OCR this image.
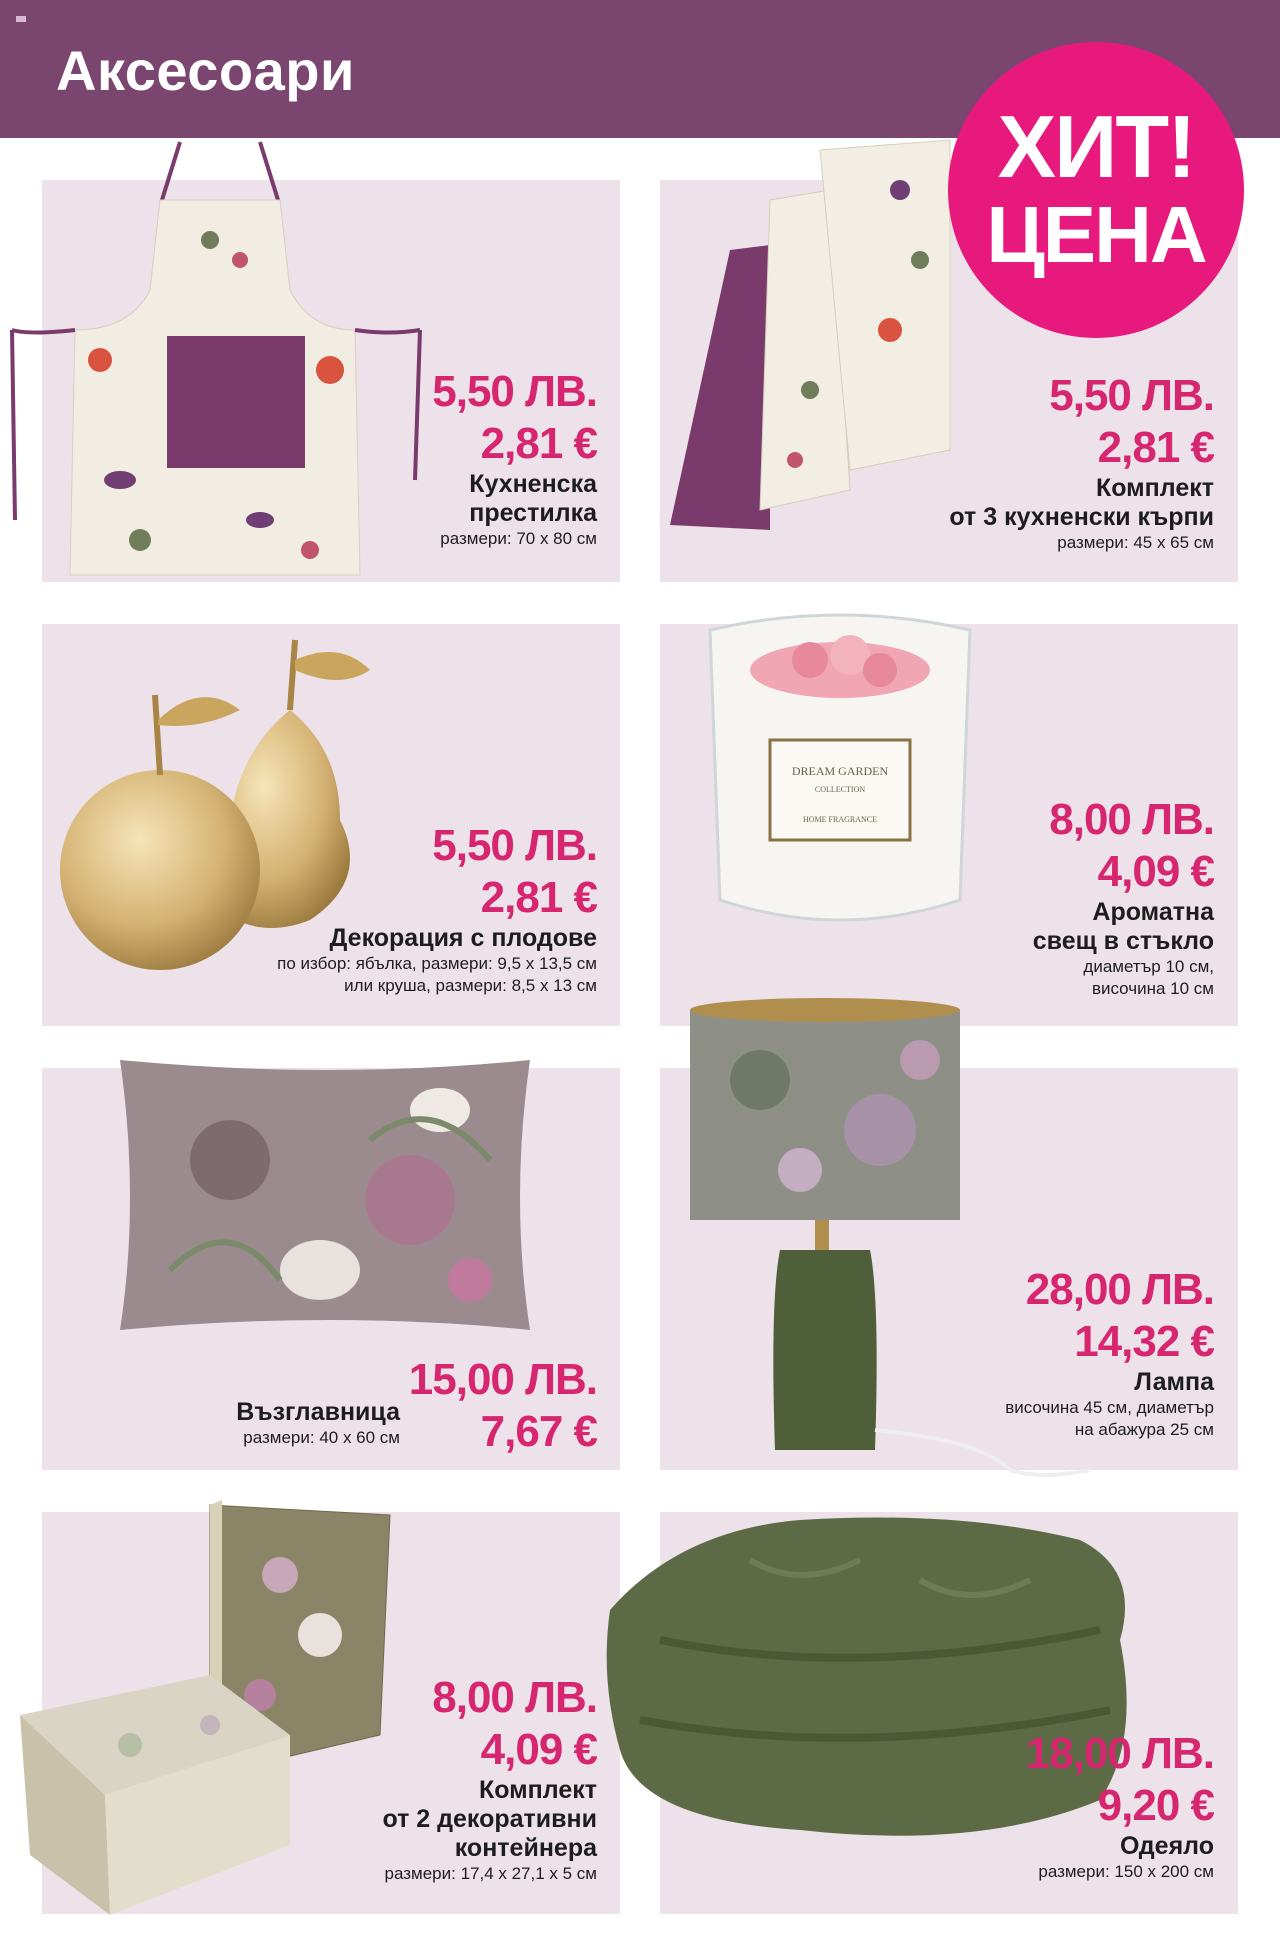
Аксесоари
DREAM GARDEN
COLLECTION
HOME FRAGRANCE
ХИТ!
ЦЕНА
5,50 ЛВ.
2,81 €
Кухненска
престилка
размери: 70 х 80 см
5,50 ЛВ.
2,81 €
Комплект
от 3 кухненски кърпи
размери: 45 х 65 см
5,50 ЛВ.
2,81 €
Декорация с плодове
по избор: ябълка, размери: 9,5 х 13,5 см
или круша, размери: 8,5 х 13 см
8,00 ЛВ.
4,09 €
Ароматна
свещ в стъкло
диаметър 10 см,
височина 10 см
Възглавница
размери: 40 х 60 см
15,00 ЛВ.
7,67 €
28,00 ЛВ.
14,32 €
Лампа
височина 45 см, диаметър
на абажура 25 см
8,00 ЛВ.
4,09 €
Комплект
от 2 декоративни
контейнера
размери: 17,4 х 27,1 х 5 см
18,00 ЛВ.
9,20 €
Одеяло
размери: 150 х 200 см
